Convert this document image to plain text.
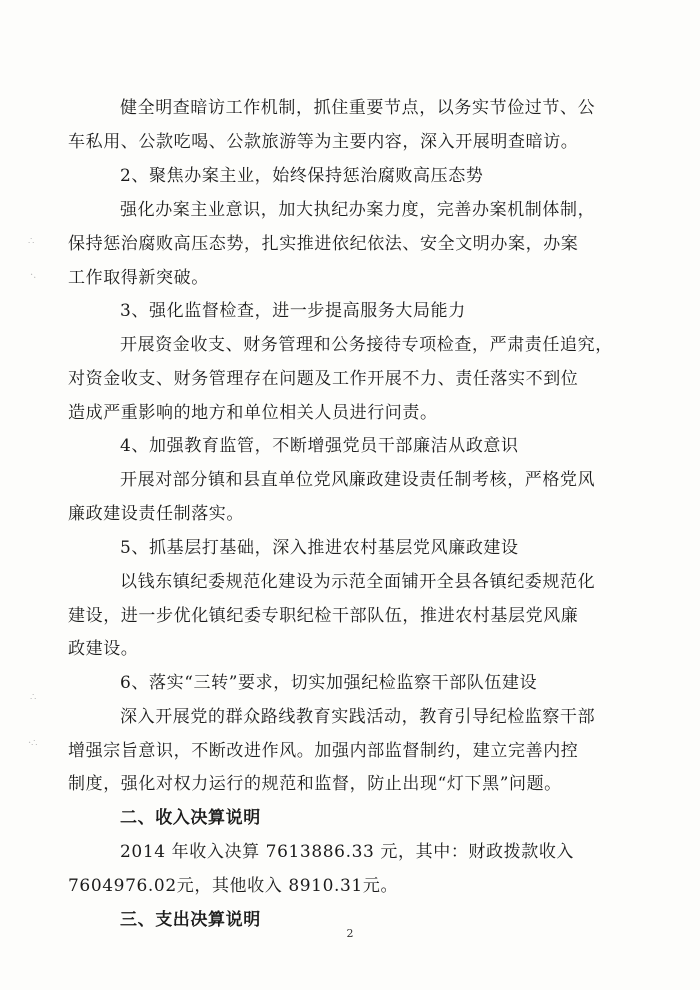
∴
·.
∴
·∴
2
健全明查暗访工作机制，抓住重要节点，以务实节俭过节、公
车私用、公款吃喝、公款旅游等为主要内容，深入开展明查暗访。
2、聚焦办案主业，始终保持惩治腐败高压态势
强化办案主业意识，加大执纪办案力度，完善办案机制体制，
保持惩治腐败高压态势，扎实推进依纪依法、安全文明办案，办案
工作取得新突破。
3、强化监督检查，进一步提高服务大局能力
开展资金收支、财务管理和公务接待专项检查，严肃责任追究，
对资金收支、财务管理存在问题及工作开展不力、责任落实不到位
造成严重影响的地方和单位相关人员进行问责。
4、加强教育监管，不断增强党员干部廉洁从政意识
开展对部分镇和县直单位党风廉政建设责任制考核，严格党风
廉政建设责任制落实。
5、抓基层打基础，深入推进农村基层党风廉政建设
以钱东镇纪委规范化建设为示范全面铺开全县各镇纪委规范化
建设，进一步优化镇纪委专职纪检干部队伍，推进农村基层党风廉
政建设。
6、落实“三转”要求，切实加强纪检监察干部队伍建设
深入开展党的群众路线教育实践活动，教育引导纪检监察干部
增强宗旨意识，不断改进作风。加强内部监督制约，建立完善内控
制度，强化对权力运行的规范和监督，防止出现“灯下黑”问题。
二、收入决算说明
2014 年收入决算 7613886.33 元，其中：财政拨款收入
7604976.02元，其他收入 8910.31元。
三、支出决算说明
